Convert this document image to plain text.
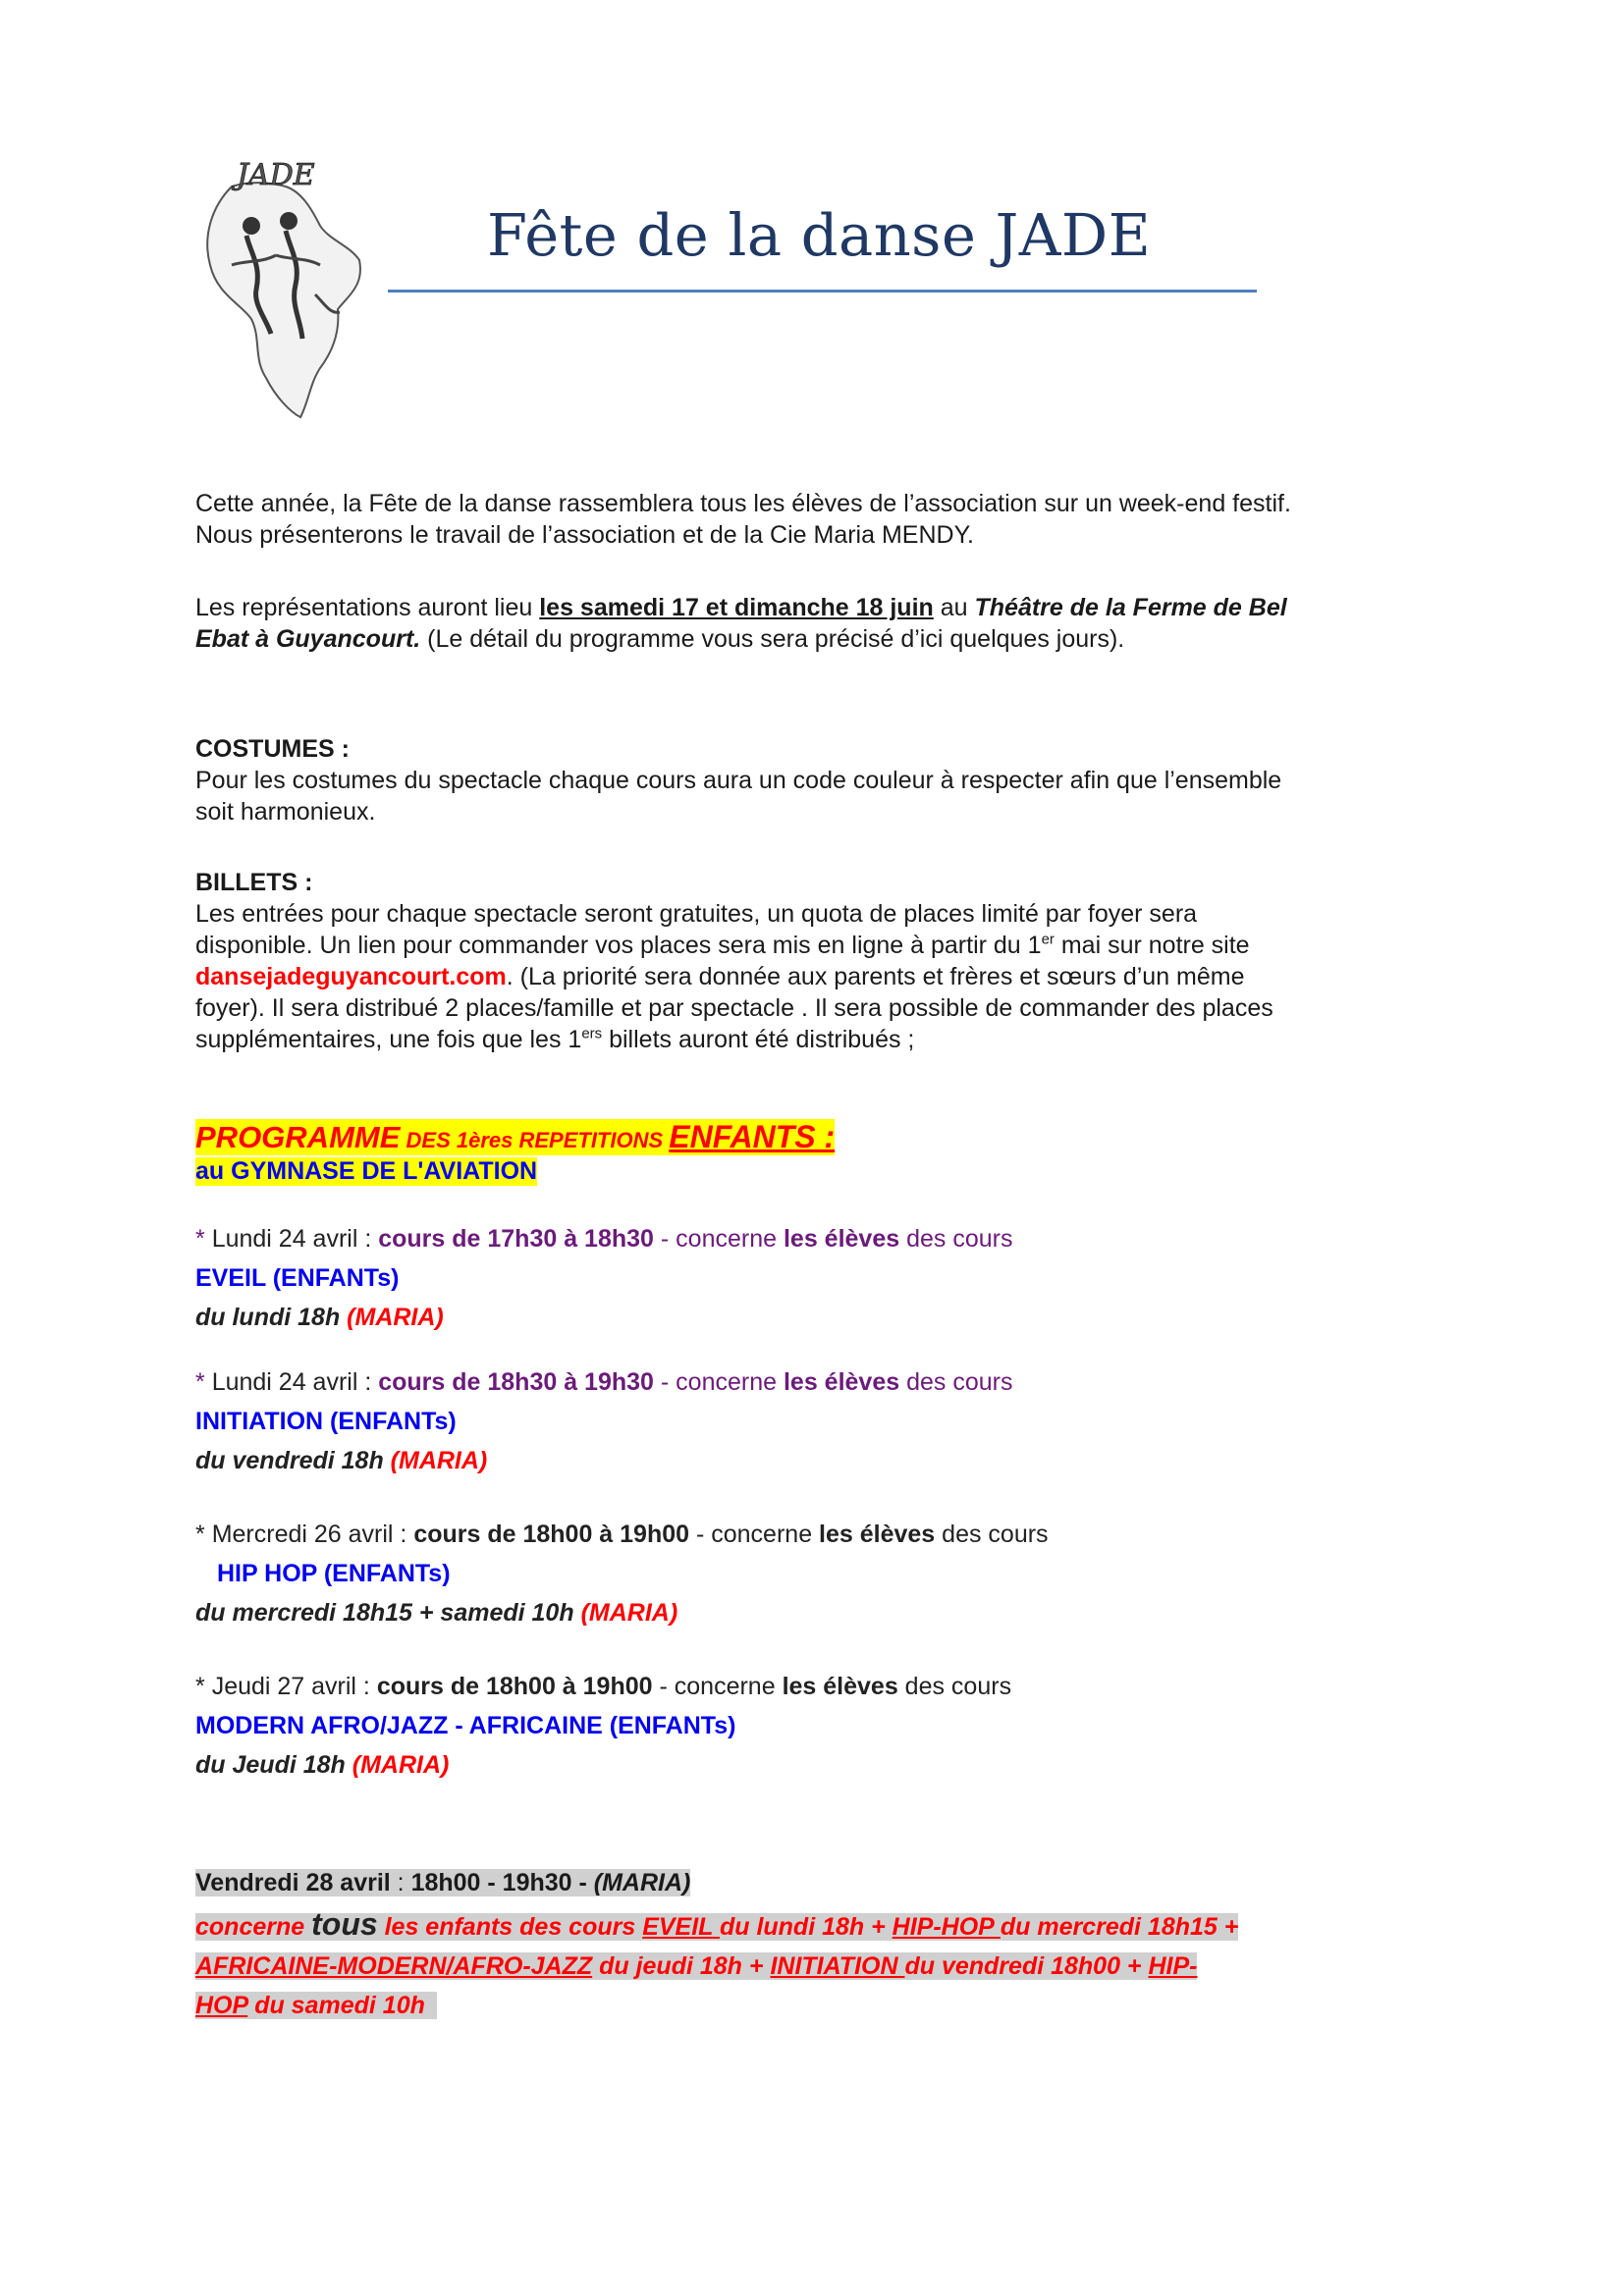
JADE
Fête de la danse JADE
Cette année, la Fête de la danse rassemblera tous les élèves de l’association sur un week-end festif.
Nous présenterons le travail de l’association et de la Cie Maria MENDY.
Les représentations auront lieu les samedi 17 et dimanche 18 juin au Théâtre de la Ferme de Bel
Ebat à Guyancourt. (Le détail du programme vous sera précisé d’ici quelques jours).
COSTUMES :
Pour les costumes du spectacle chaque cours aura un code couleur à respecter afin que l’ensemble
soit harmonieux.
BILLETS :
Les entrées pour chaque spectacle seront gratuites, un quota de places limité par foyer sera
disponible. Un lien pour commander vos places sera mis en ligne à partir du 1er mai sur notre site
dansejadeguyancourt.com. (La priorité sera donnée aux parents et frères et sœurs d’un même
foyer). Il sera distribué 2 places/famille et par spectacle . Il sera possible de commander des places
supplémentaires, une fois que les 1ers billets auront été distribués ;
PROGRAMME DES 1ères REPETITIONS ENFANTS :
au GYMNASE DE L'AVIATION
* Lundi 24 avril : cours de 17h30 à 18h30 - concerne les élèves des cours
EVEIL (ENFANTs)
du lundi 18h (MARIA)
* Lundi 24 avril : cours de 18h30 à 19h30 - concerne les élèves des cours
INITIATION (ENFANTs)
du vendredi 18h (MARIA)
* Mercredi 26 avril : cours de 18h00 à 19h00 - concerne les élèves des cours
HIP HOP (ENFANTs)
du mercredi 18h15 + samedi 10h (MARIA)
* Jeudi 27 avril : cours de 18h00 à 19h00 - concerne les élèves des cours
MODERN AFRO/JAZZ - AFRICAINE (ENFANTs)
du Jeudi 18h (MARIA)
Vendredi 28 avril : 18h00 - 19h30 - (MARIA)
concerne tous les enfants des cours EVEIL du lundi 18h + HIP-HOP du mercredi 18h15 +
AFRICAINE-MODERN/AFRO-JAZZ du jeudi 18h + INITIATION du vendredi 18h00 + HIP-
HOP du samedi 10h
